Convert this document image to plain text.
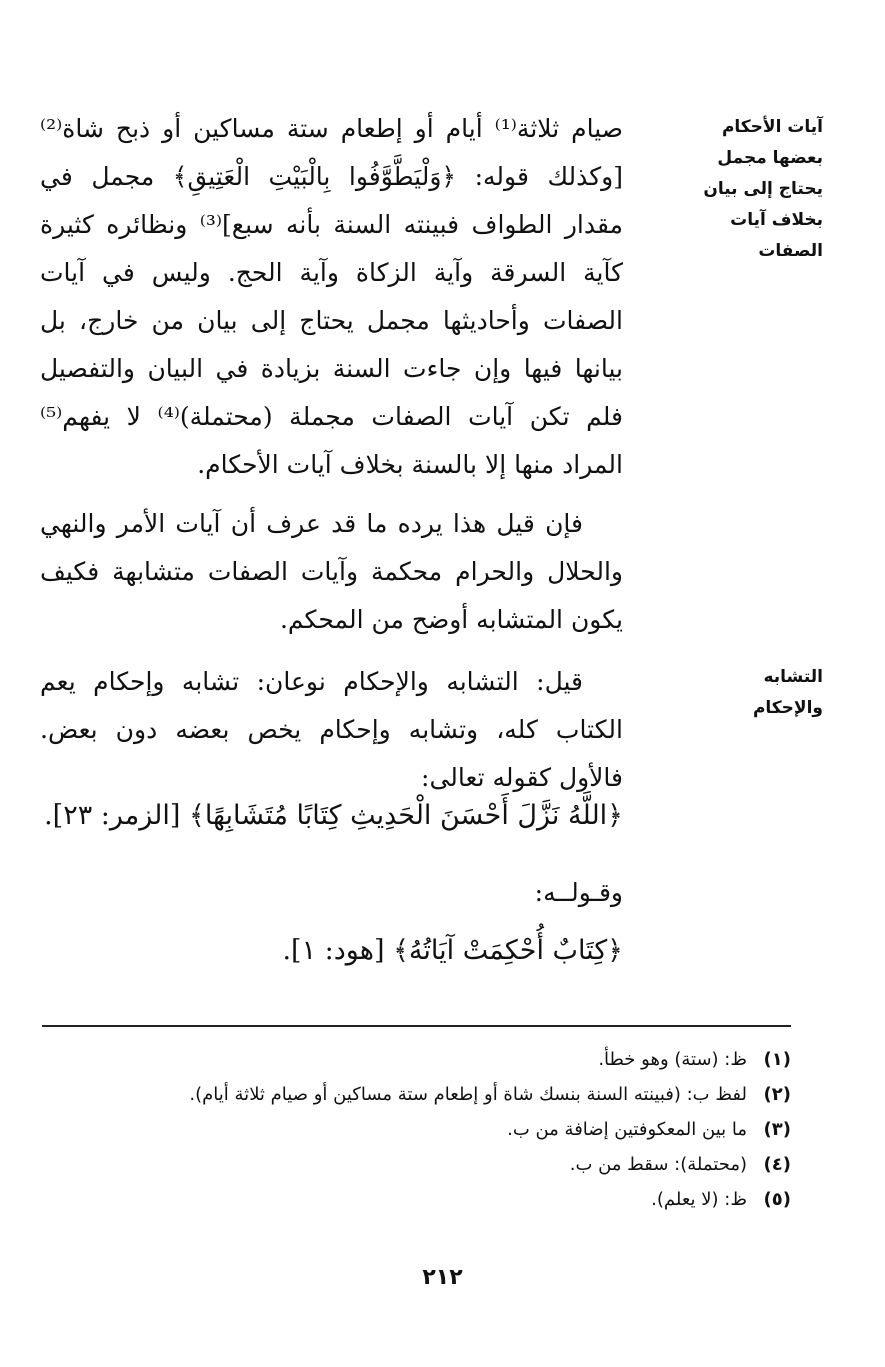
آيات الأحكام بعضها مجمل يحتاج إلى بيان بخلاف آيات الصفات
التشابه والإحكام

صيام ثلاثة⁽¹⁾ أيام أو إطعام ستة مساكين أو ذبح شاة⁽²⁾ [وكذلك قوله: ﴿وَلْيَطَّوَّفُوا بِالْبَيْتِ الْعَتِيقِ﴾ مجمل في مقدار الطواف فبينته السنة بأنه سبع]⁽³⁾ ونظائره كثيرة كآية السرقة وآية الزكاة وآية الحج. وليس في آيات الصفات وأحاديثها مجمل يحتاج إلى بيان من خارج، بل بيانها فيها وإن جاءت السنة بزيادة في البيان والتفصيل فلم تكن آيات الصفات مجملة (محتملة)⁽⁴⁾ لا يفهم⁽⁵⁾ المراد منها إلا بالسنة بخلاف آيات الأحكام.

فإن قيل هذا يرده ما قد عرف أن آيات الأمر والنهي والحلال والحرام محكمة وآيات الصفات متشابهة فكيف يكون المتشابه أوضح من المحكم.

قيل: التشابه والإحكام نوعان: تشابه وإحكام يعم الكتاب كله، وتشابه وإحكام يخص بعضه دون بعض. فالأول كقوله تعالى:

﴿اللَّهُ نَزَّلَ أَحْسَنَ الْحَدِيثِ كِتَابًا مُتَشَابِهًا﴾ [الزمر: ٢٣].
وقـولــه:
﴿كِتَابٌ أُحْكِمَتْ آيَاتُهُ﴾ [هود: ١].
(١)
ظ: (ستة) وهو خطأ.
(٢)
لفظ ب: (فبينته السنة بنسك شاة أو إطعام ستة مساكين أو صيام ثلاثة أيام).
(٣)
ما بين المعكوفتين إضافة من ب.
(٤)
(محتملة): سقط من ب.
(٥)
ظ: (لا يعلم).
٢١٢
